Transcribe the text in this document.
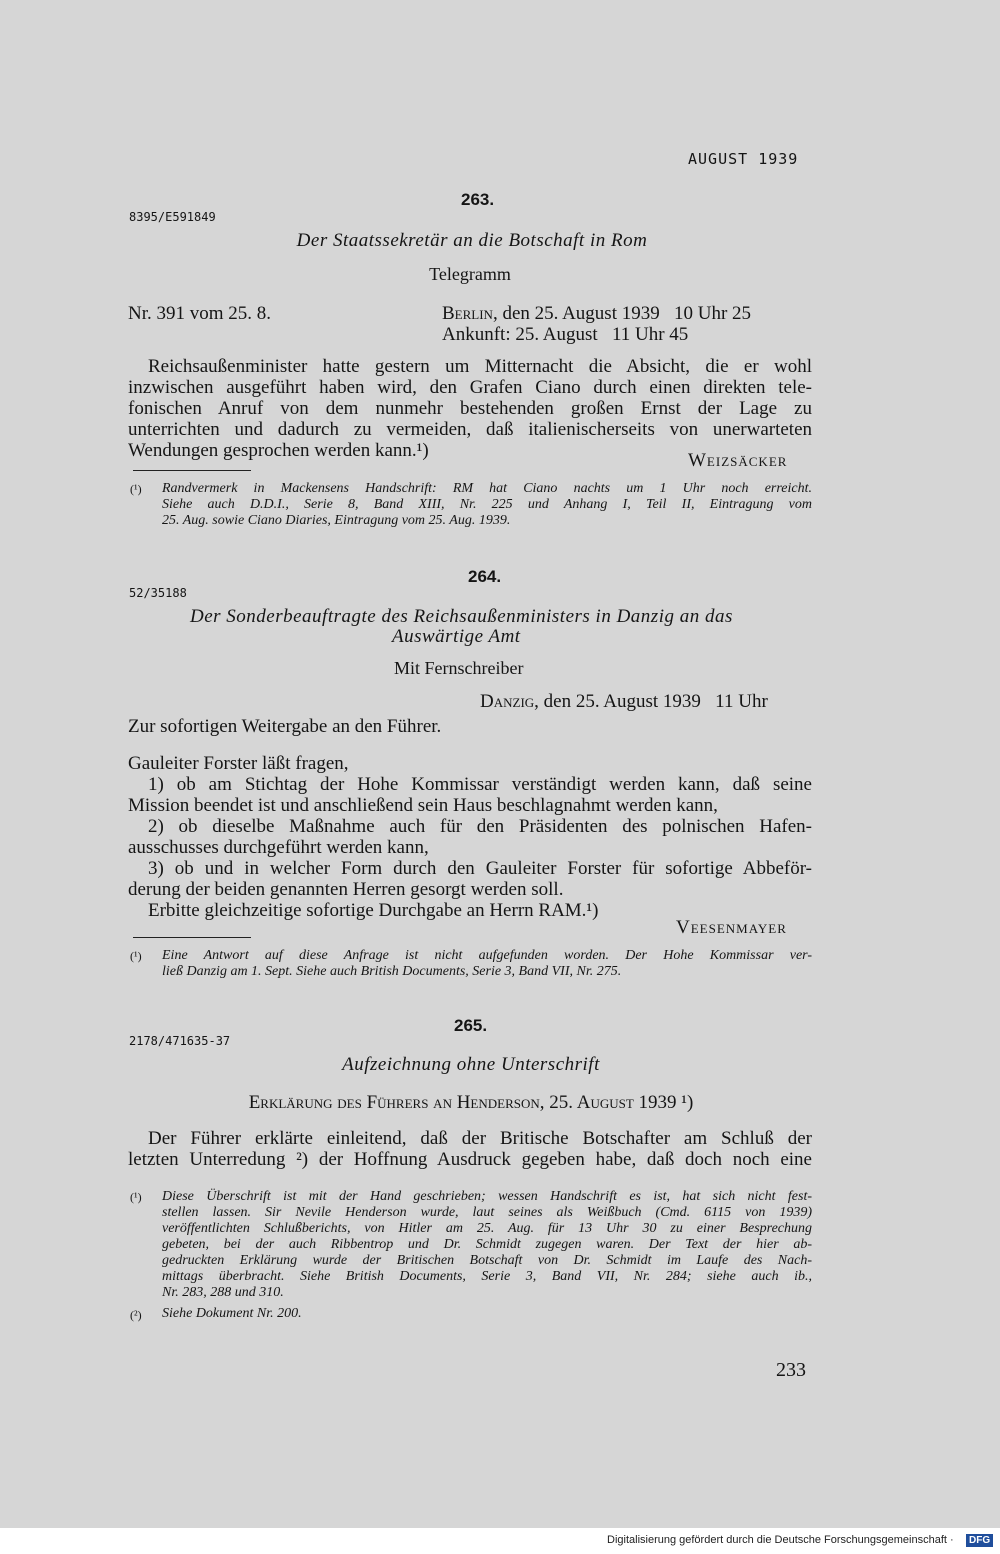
AUGUST 1939
263.
8395/E591849
Der Staatssekretär an die Botschaft in Rom
Telegramm
Nr. 391 vom 25. 8.	Berlin, den 25. August 1939   10 Uhr 25
Ankunft: 25. August   11 Uhr 45
Reichsaußenminister hatte gestern um Mitternacht die Absicht, die er wohl
inzwischen ausgeführt haben wird, den Grafen Ciano durch einen direkten tele-
fonischen Anruf von dem nunmehr bestehenden großen Ernst der Lage zu
unterrichten und dadurch zu vermeiden, daß italienischerseits von unerwarteten
Wendungen gesprochen werden kann.¹)	Weizsäcker
(¹) Randvermerk in Mackensens Handschrift: RM hat Ciano nachts um 1 Uhr noch erreicht.
Siehe auch D.D.I., Serie 8, Band XIII, Nr. 225 und Anhang I, Teil II, Eintragung vom
25. Aug. sowie Ciano Diaries, Eintragung vom 25. Aug. 1939.
264.
52/35188
Der Sonderbeauftragte des Reichsaußenministers in Danzig an das
Auswärtige Amt
Mit Fernschreiber
Danzig, den 25. August 1939   11 Uhr
Zur sofortigen Weitergabe an den Führer.
Gauleiter Forster läßt fragen,
1) ob am Stichtag der Hohe Kommissar verständigt werden kann, daß seine
Mission beendet ist und anschließend sein Haus beschlagnahmt werden kann,
2) ob dieselbe Maßnahme auch für den Präsidenten des polnischen Hafen-
ausschusses durchgeführt werden kann,
3) ob und in welcher Form durch den Gauleiter Forster für sofortige Abbeför-
derung der beiden genannten Herren gesorgt werden soll.
Erbitte gleichzeitige sofortige Durchgabe an Herrn RAM.¹)
Veesenmayer
(¹) Eine Antwort auf diese Anfrage ist nicht aufgefunden worden. Der Hohe Kommissar ver-
ließ Danzig am 1. Sept. Siehe auch British Documents, Serie 3, Band VII, Nr. 275.
265.
2178/471635-37
Aufzeichnung ohne Unterschrift
Erklärung des Führers an Henderson, 25. August 1939 ¹)
Der Führer erklärte einleitend, daß der Britische Botschafter am Schluß der
letzten Unterredung ²) der Hoffnung Ausdruck gegeben habe, daß doch noch eine
(¹) Diese Überschrift ist mit der Hand geschrieben; wessen Handschrift es ist, hat sich nicht fest-
stellen lassen. Sir Nevile Henderson wurde, laut seines als Weißbuch (Cmd. 6115 von 1939)
veröffentlichten Schlußberichts, von Hitler am 25. Aug. für 13 Uhr 30 zu einer Besprechung
gebeten, bei der auch Ribbentrop und Dr. Schmidt zugegen waren. Der Text der hier ab-
gedruckten Erklärung wurde der Britischen Botschaft von Dr. Schmidt im Laufe des Nach-
mittags überbracht. Siehe British Documents, Serie 3, Band VII, Nr. 284; siehe auch ib.,
Nr. 283, 288 und 310.
(²) Siehe Dokument Nr. 200.
233
Digitalisierung gefördert durch die Deutsche Forschungsgemeinschaft ·	DFG
